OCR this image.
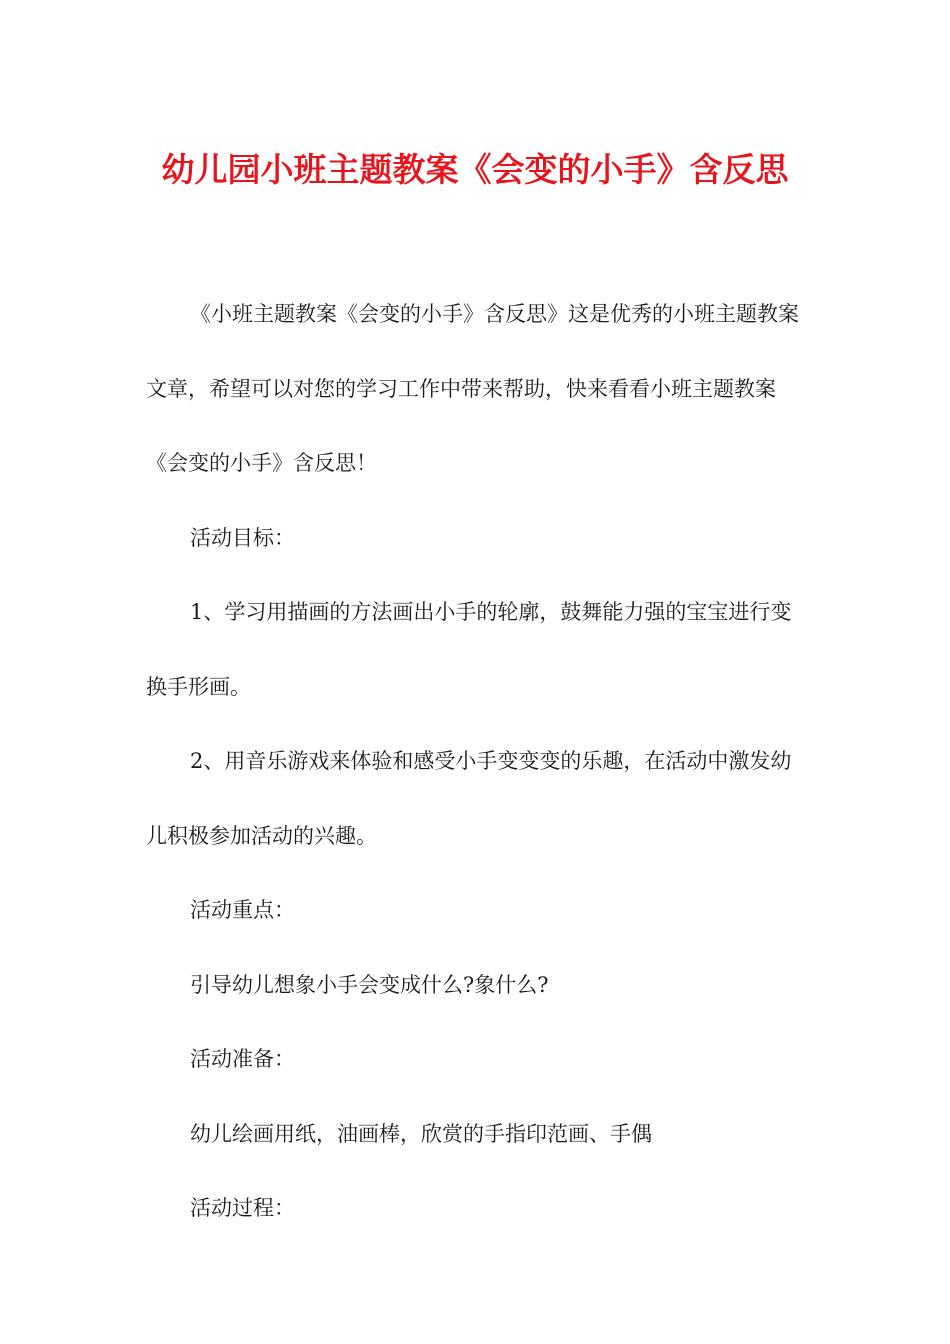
幼儿园小班主题教案《会变的小手》含反思

《小班主题教案《会变的小手》含反思》这是优秀的小班主题教案文章，希望可以对您的学习工作中带来帮助，快来看看小班主题教案《会变的小手》含反思！

活动目标：

1、学习用描画的方法画出小手的轮廓，鼓舞能力强的宝宝进行变换手形画。

2、用音乐游戏来体验和感受小手变变变的乐趣，在活动中激发幼儿积极参加活动的兴趣。

活动重点：

引导幼儿想象小手会变成什么?象什么?

活动准备：

幼儿绘画用纸，油画棒，欣赏的手指印范画、手偶

活动过程：
